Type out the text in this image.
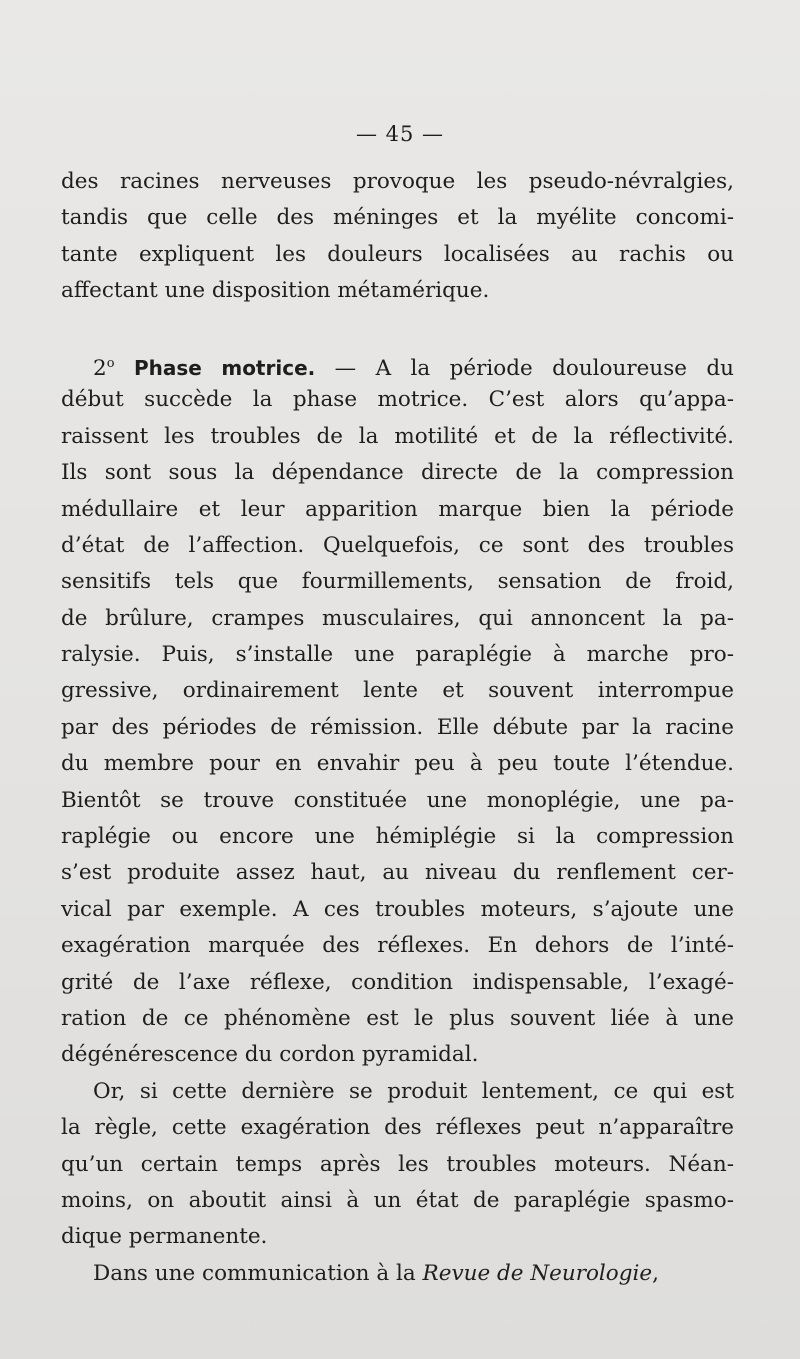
— 45 —
des racines nerveuses provoque les pseudo-névralgies,
tandis que celle des méninges et la myélite concomi-
tante expliquent les douleurs localisées au rachis ou
affectant une disposition métamérique.
2$^o$ Phase motrice. — A la période douloureuse du
début succède la phase motrice. C’est alors qu’appa-
raissent les troubles de la motilité et de la réflectivité.
Ils sont sous la dépendance directe de la compression
médullaire et leur apparition marque bien la période
d’état de l’affection. Quelquefois, ce sont des troubles
sensitifs tels que fourmillements, sensation de froid,
de brûlure, crampes musculaires, qui annoncent la pa-
ralysie. Puis, s’installe une paraplégie à marche pro-
gressive, ordinairement lente et souvent interrompue
par des périodes de rémission. Elle débute par la racine
du membre pour en envahir peu à peu toute l’étendue.
Bientôt se trouve constituée une monoplégie, une pa-
raplégie ou encore une hémiplégie si la compression
s’est produite assez haut, au niveau du renflement cer-
vical par exemple. A ces troubles moteurs, s’ajoute une
exagération marquée des réflexes. En dehors de l’inté-
grité de l’axe réflexe, condition indispensable, l’exagé-
ration de ce phénomène est le plus souvent liée à une
dégénérescence du cordon pyramidal.
Or, si cette dernière se produit lentement, ce qui est
la règle, cette exagération des réflexes peut n’apparaître
qu’un certain temps après les troubles moteurs. Néan-
moins, on aboutit ainsi à un état de paraplégie spasmo-
dique permanente.
Dans une communication à la Revue de Neurologie,
